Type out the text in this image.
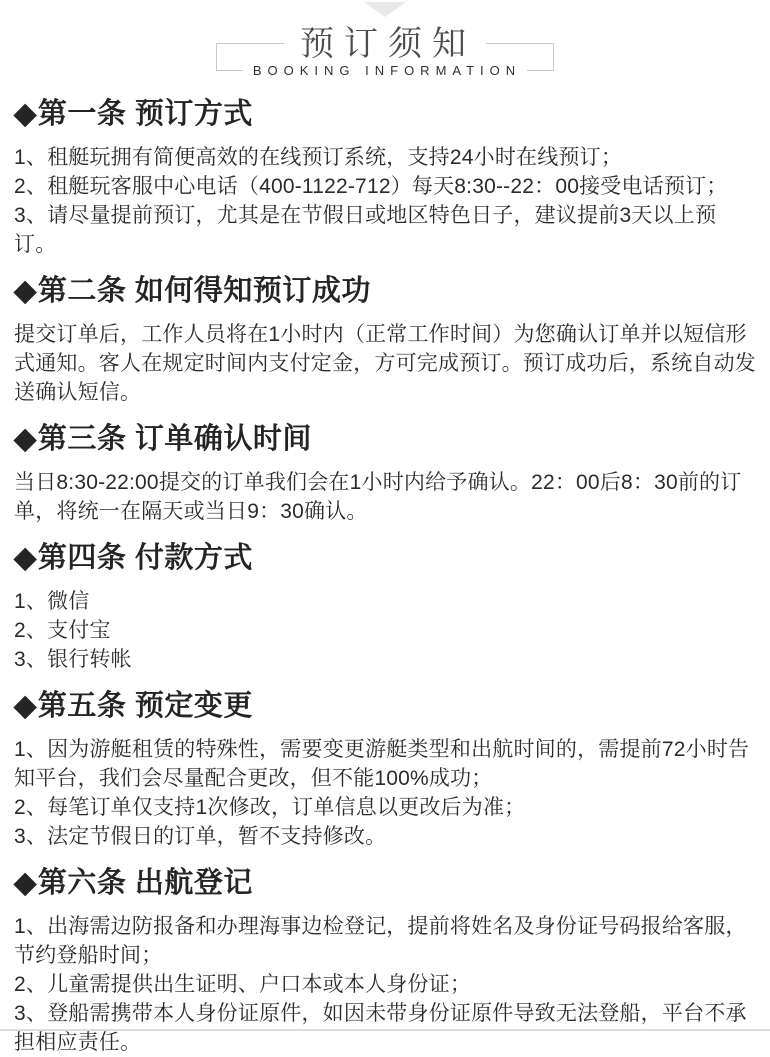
预订须知
BOOKING INFORMATION
◆第一条 预订方式

1、租艇玩拥有简便高效的在线预订系统，支持24小时在线预订；

2、租艇玩客服中心电话（400-1122-712）每天8:30--22：00接受电话预订；

3、请尽量提前预订，尤其是在节假日或地区特色日子，建议提前3天以上预订。

◆第二条 如何得知预订成功

提交订单后，工作人员将在1小时内（正常工作时间）为您确认订单并以短信形式通知。客人在规定时间内支付定金，方可完成预订。预订成功后，系统自动发送确认短信。

◆第三条 订单确认时间

当日8:30-22:00提交的订单我们会在1小时内给予确认。22：00后8：30前的订单，将统一在隔天或当日9：30确认。

◆第四条 付款方式

1、微信

2、支付宝

3、银行转帐

◆第五条 预定变更

1、因为游艇租赁的特殊性，需要变更游艇类型和出航时间的，需提前72小时告知平台，我们会尽量配合更改，但不能100%成功；

2、每笔订单仅支持1次修改，订单信息以更改后为准；

3、法定节假日的订单，暂不支持修改。

◆第六条 出航登记

1、出海需边防报备和办理海事边检登记，提前将姓名及身份证号码报给客服，节约登船时间；

2、儿童需提供出生证明、户口本或本人身份证；

3、登船需携带本人身份证原件，如因未带身份证原件导致无法登船，平台不承担相应责任。
